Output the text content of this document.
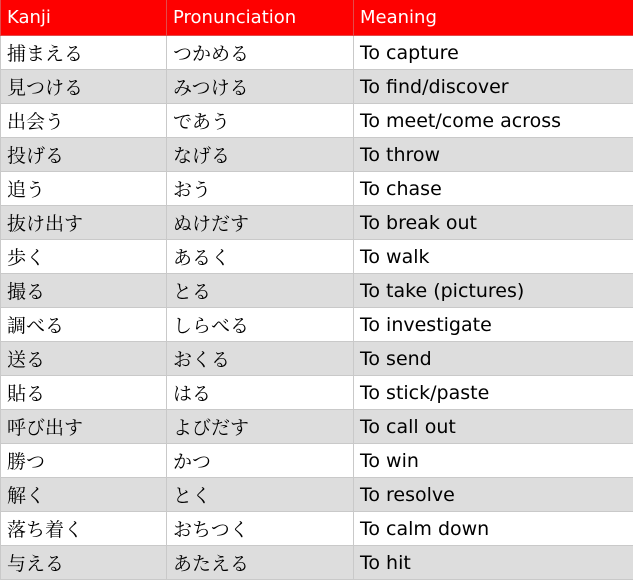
Kanji	Pronunciation	Meaning
捕まえる	つかめる	To capture
見つける	みつける	To find/discover
出会う	であう	To meet/come across
投げる	なげる	To throw
追う	おう	To chase
抜け出す	ぬけだす	To break out
歩く	あるく	To walk
撮る	とる	To take (pictures)
調べる	しらべる	To investigate
送る	おくる	To send
貼る	はる	To stick/paste
呼び出す	よびだす	To call out
勝つ	かつ	To win
解く	とく	To resolve
落ち着く	おちつく	To calm down
与える	あたえる	To hit
